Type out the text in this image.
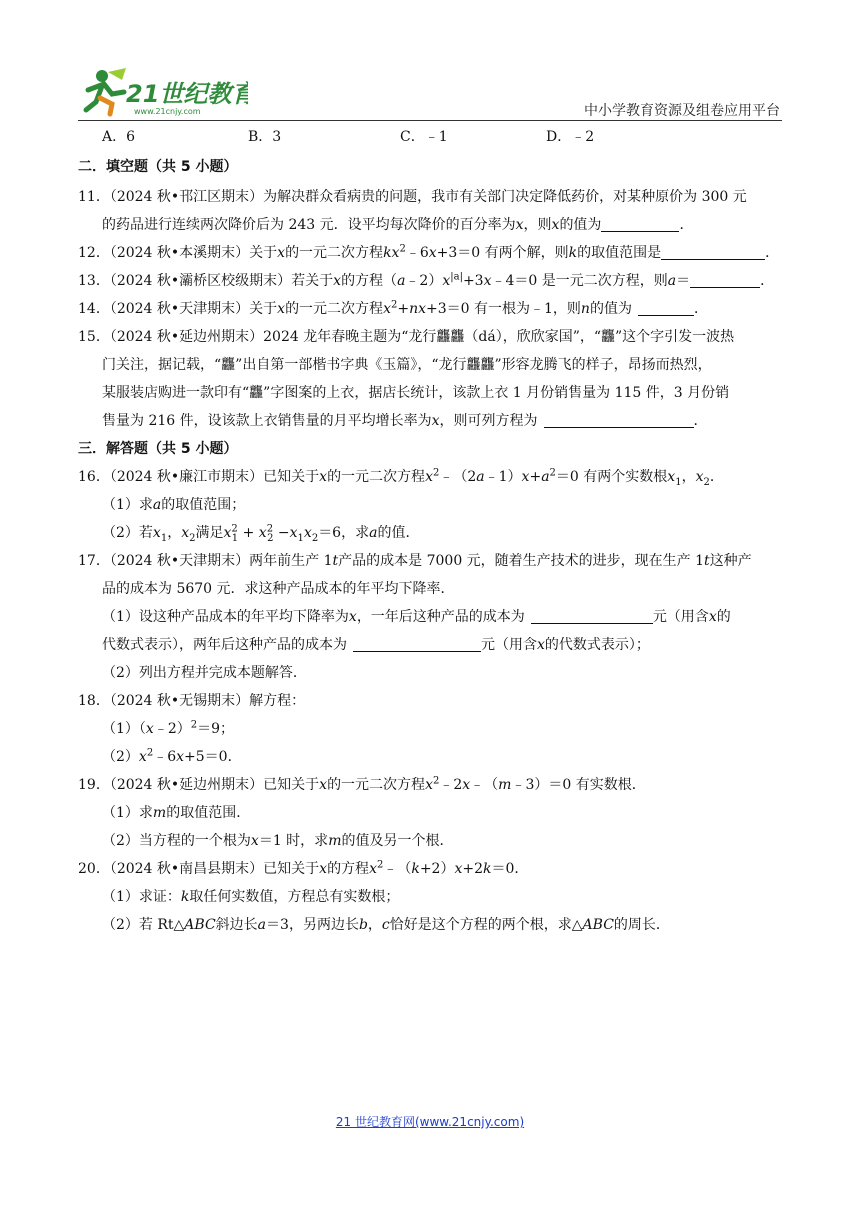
21世纪教育
www.21cnjy.com	中小学教育资源及组卷应用平台
A．6	B．3	C．﹣1	D．﹣2
二．填空题（共 5 小题）
11．（2024 秋•邗江区期末）为解决群众看病贵的问题，我市有关部门决定降低药价，对某种原价为 300 元
的药品进行连续两次降价后为 243 元．设平均每次降价的百分率为x，则x的值为	．
12．（2024 秋•本溪期末）关于x的一元二次方程$kx^2﹣6x+3=0$ 有两个解，则k的取值范围是	．
13．（2024 秋•灞桥区校级期末）若关于x的方程$(a﹣2)x^{|a|}+3x﹣4=0$ 是一元二次方程，则a＝	．
14．（2024 秋•天津期末）关于x的一元二次方程$x^2+nx+3=0$ 有一根为﹣1，则n的值为	．
15．（2024 秋•延边州期末）2024 龙年春晚主题为“龙行龘龘（dá），欣欣家国”，“龘”这个字引发一波热
门关注，据记载，“龘”出自第一部楷书字典《玉篇》，“龙行龘龘”形容龙腾飞的样子，昂扬而热烈，
某服装店购进一款印有“龘”字图案的上衣，据店长统计，该款上衣 1 月份销售量为 115 件，3 月份销
售量为 216 件，设该款上衣销售量的月平均增长率为x，则可列方程为	．
三．解答题（共 5 小题）
16．（2024 秋•廉江市期末）已知关于x的一元二次方程$x^2﹣(2a﹣1)x+a^2=0$ 有两个实数根$x_1$，$x_2$．
（1）求a的取值范围；
（2）若$x_1$，$x_2$满足$x^2_1 + x^2_2 -x_1x_2=6$，求a的值．
17．（2024 秋•天津期末）两年前生产 1t产品的成本是 7000 元，随着生产技术的进步，现在生产 1t这种产
品的成本为 5670 元．求这种产品成本的年平均下降率．
（1）设这种产品成本的年平均下降率为x，一年后这种产品的成本为	元（用含x的
代数式表示），两年后这种产品的成本为	元（用含x的代数式表示）；
（2）列出方程并完成本题解答．
18．（2024 秋•无锡期末）解方程：
（1）（x﹣2）$^2$＝9；
$(2)x^2﹣6x+5=0$．
19．（2024 秋•延边州期末）已知关于x的一元二次方程$x^2﹣2x﹣(m﹣3)=0$ 有实数根．
（1）求m的取值范围．
（2）当方程的一个根为x＝1 时，求m的值及另一个根．
20．（2024 秋•南昌县期末）已知关于x的方程$x^2﹣(k+2)x+2k=0$．
（1）求证：k取任何实数值，方程总有实数根；
（2）若 Rt△ABC斜边长a＝3，另两边长b，c恰好是这个方程的两个根，求△ABC的周长．
21 世纪教育网(www.21cnjy.com)
